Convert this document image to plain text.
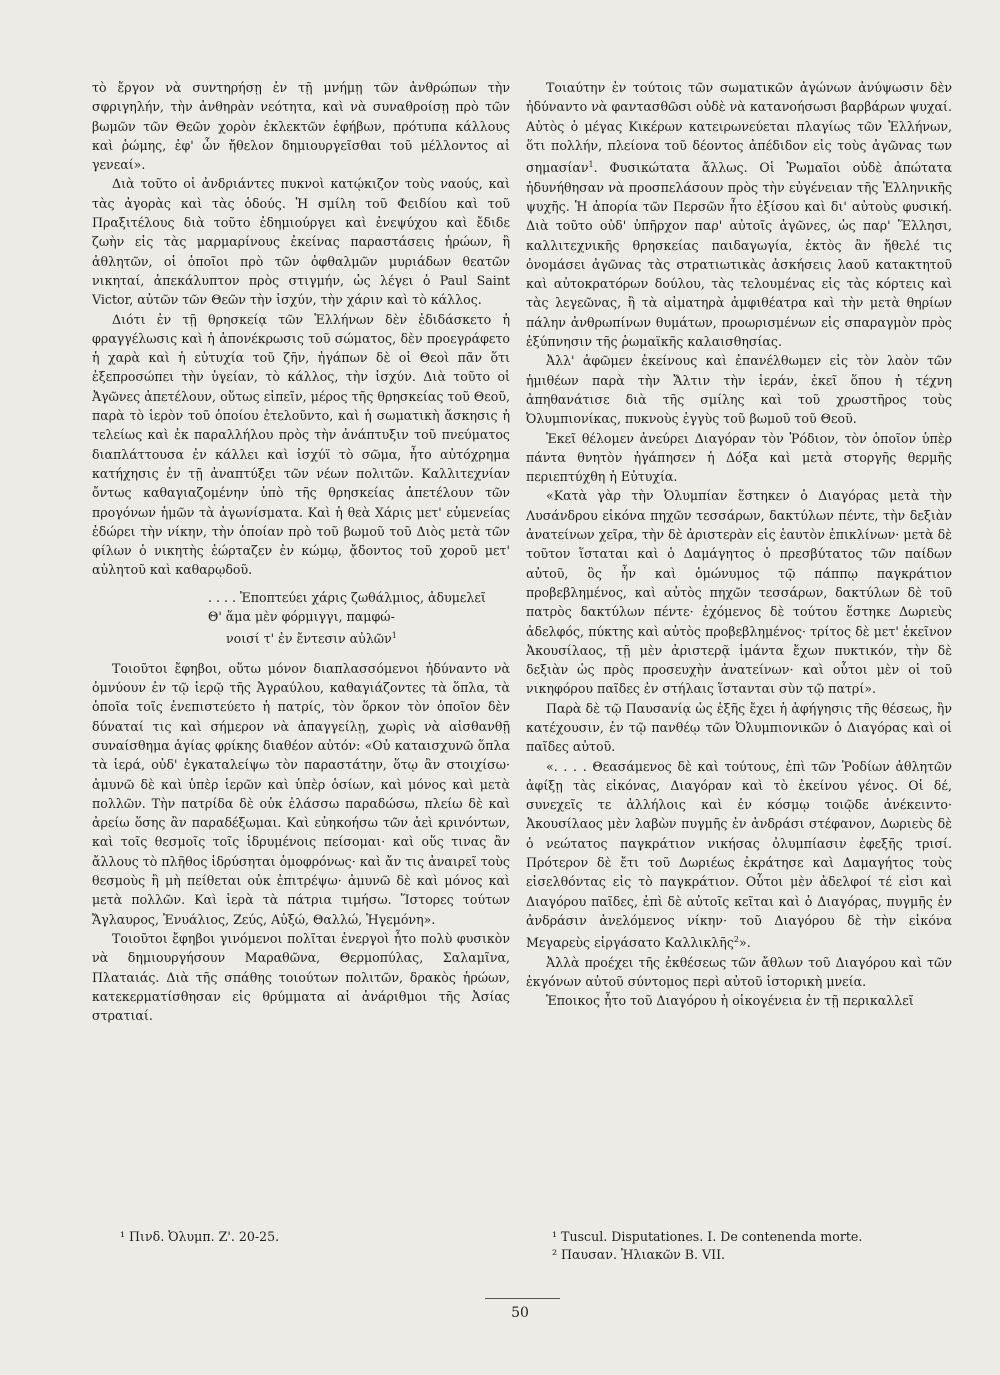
τὸ ἔργον νὰ συντηρήσῃ ἐν τῇ μνήμῃ τῶν ἀνθρώπων τὴν σφριγηλήν, τὴν ἀνθηρὰν νεότητα, καὶ νὰ συναθροίσῃ πρὸ τῶν βωμῶν τῶν Θεῶν χορὸν ἐκλεκτῶν ἐφήβων, πρότυπα κάλλους καὶ ῥώμης, ἐφ' ὧν ἤθελον δημιουργεῖσθαι τοῦ μέλλοντος αἱ γενεαί».

Διὰ τοῦτο οἱ ἀνδριάντες πυκνοὶ κατῴκιζον τοὺς ναούς, καὶ τὰς ἀγορὰς καὶ τὰς ὁδούς. Ἡ σμίλη τοῦ Φειδίου καὶ τοῦ Πραξιτέλους διὰ τοῦτο ἐδημιούργει καὶ ἐνεψύχου καὶ ἔδιδε ζωὴν εἰς τὰς μαρμαρίνους ἐκείνας παραστάσεις ἡρώων, ἢ ἀθλητῶν, οἱ ὁποῖοι πρὸ τῶν ὀφθαλμῶν μυριάδων θεατῶν νικηταί, ἀπεκάλυπτον πρὸς στιγμήν, ὡς λέγει ὁ Paul Saint Victor, αὐτῶν τῶν Θεῶν τὴν ἰσχύν, τὴν χάριν καὶ τὸ κάλλος.

Διότι ἐν τῇ θρησκείᾳ τῶν Ἑλλήνων δὲν ἐδιδάσκετο ἡ φραγγέλωσις καὶ ἡ ἀπονέκρωσις τοῦ σώματος, δὲν προεγράφετο ἡ χαρὰ καὶ ἡ εὐτυχία τοῦ ζῆν, ἠγάπων δὲ οἱ Θεοὶ πᾶν ὅτι ἐξεπροσώπει τὴν ὑγείαν, τὸ κάλλος, τὴν ἰσχύν. Διὰ τοῦτο οἱ Ἀγῶνες ἀπετέλουν, οὕτως εἰπεῖν, μέρος τῆς θρησκείας τοῦ Θεοῦ, παρὰ τὸ ἱερὸν τοῦ ὁποίου ἐτελοῦντο, καὶ ἡ σωματικὴ ἄσκησις ἡ τελείως καὶ ἐκ παραλλήλου πρὸς τὴν ἀνάπτυξιν τοῦ πνεύματος διαπλάττουσα ἐν κάλλει καὶ ἰσχύϊ τὸ σῶμα, ἦτο αὐτόχρημα κατήχησις ἐν τῇ ἀναπτύξει τῶν νέων πολιτῶν. Καλλιτεχνίαν ὄντως καθαγιαζομένην ὑπὸ τῆς θρησκείας ἀπετέλουν τῶν προγόνων ἡμῶν τὰ ἀγωνίσματα. Καὶ ἡ θεὰ Χάρις μετ' εὐμενείας ἐδώρει τὴν νίκην, τὴν ὁποίαν πρὸ τοῦ βωμοῦ τοῦ Διὸς μετὰ τῶν φίλων ὁ νικητὴς ἑώρταζεν ἐν κώμῳ, ᾄδοντος τοῦ χοροῦ μετ' αὐλητοῦ καὶ καθαρῳδοῦ.

. . . . Ἐποπτεύει χάρις ζωθάλμιος, ἀδυμελεῖ
Θ' ἅμα μὲν φόρμιγγι, παμφώ-
νοισί τ' ἐν ἔντεσιν αὐλῶν$^1$

Τοιοῦτοι ἔφηβοι, οὕτω μόνον διαπλασσόμενοι ἠδύναντο νὰ ὀμνύουν ἐν τῷ ἱερῷ τῆς Ἀγραύλου, καθαγιάζοντες τὰ ὅπλα, τὰ ὁποῖα τοῖς ἐνεπιστεύετο ἡ πατρίς, τὸν ὅρκον τὸν ὁποῖον δὲν δύναταί τις καὶ σήμερον νὰ ἀπαγγείλῃ, χωρὶς νὰ αἰσθανθῇ συναίσθημα ἁγίας φρίκης διαθέον αὐτόν: «Οὐ καταισχυνῶ ὅπλα τὰ ἱερά, οὐδ' ἐγκαταλείψω τὸν παραστάτην, ὅτῳ ἂν στοιχίσω· ἀμυνῶ δὲ καὶ ὑπὲρ ἱερῶν καὶ ὑπὲρ ὁσίων, καὶ μόνος καὶ μετὰ πολλῶν. Τὴν πατρίδα δὲ οὐκ ἐλάσσω παραδώσω, πλείω δὲ καὶ ἀρείω ὅσης ἂν παραδέξωμαι. Καὶ εὐηκοήσω τῶν ἀεὶ κρινόντων, καὶ τοῖς θεσμοῖς τοῖς ἱδρυμένοις πείσομαι· καὶ οὕς τινας ἂν ἄλλους τὸ πλῆθος ἱδρύσηται ὁμοφρόνως· καὶ ἄν τις ἀναιρεῖ τοὺς θεσμοὺς ἢ μὴ πείθεται οὐκ ἐπιτρέψω· ἀμυνῶ δὲ καὶ μόνος καὶ μετὰ πολλῶν. Καὶ ἱερὰ τὰ πάτρια τιμήσω. Ἵστορες τούτων Ἄγλαυρος, Ἐνυάλιος, Ζεύς, Αὐξώ, Θαλλώ, Ἡγεμόνη».

Τοιοῦτοι ἔφηβοι γινόμενοι πολῖται ἐνεργοὶ ἦτο πολὺ φυσικὸν νὰ δημιουργήσουν Μαραθῶνα, Θερμοπύλας, Σαλαμῖνα, Πλαταιάς. Διὰ τῆς σπάθης τοιούτων πολιτῶν, δρακὸς ἡρώων, κατεκερματίσθησαν εἰς θρύμματα αἱ ἀνάριθμοι τῆς Ἀσίας στρατιαί.

Τοιαύτην ἐν τούτοις τῶν σωματικῶν ἀγώνων ἀνύψωσιν δὲν ἠδύναντο νὰ φαντασθῶσι οὐδὲ νὰ κατανοήσωσι βαρβάρων ψυχαί. Αὐτὸς ὁ μέγας Κικέρων κατειρωνεύεται πλαγίως τῶν Ἑλλήνων, ὅτι πολλήν, πλείονα τοῦ δέοντος ἀπέδιδον εἰς τοὺς ἀγῶνας των σημασίαν$^1$. Φυσικώτατα ἄλλως. Οἱ Ῥωμαῖοι οὐδὲ ἀπώτατα ἠδυνήθησαν νὰ προσπελάσουν πρὸς τὴν εὐγένειαν τῆς Ἑλληνικῆς ψυχῆς. Ἡ ἀπορία τῶν Περσῶν ἦτο ἐξίσου καὶ δι' αὐτοὺς φυσική. Διὰ τοῦτο οὐδ' ὑπῆρχον παρ' αὐτοῖς ἀγῶνες, ὡς παρ' Ἕλλησι, καλλιτεχνικῆς θρησκείας παιδαγωγία, ἐκτὸς ἂν ἤθελέ τις ὀνομάσει ἀγῶνας τὰς στρατιωτικὰς ἀσκήσεις λαοῦ κατακτητοῦ καὶ αὐτοκρατόρων δούλου, τὰς τελουμένας εἰς τὰς κόρτεις καὶ τὰς λεγεῶνας, ἢ τὰ αἱματηρὰ ἀμφιθέατρα καὶ τὴν μετὰ θηρίων πάλην ἀνθρωπίνων θυμάτων, προωρισμένων εἰς σπαραγμὸν πρὸς ἐξύπνησιν τῆς ῥωμαϊκῆς καλαισθησίας.

Ἀλλ' ἀφῶμεν ἐκείνους καὶ ἐπανέλθωμεν εἰς τὸν λαὸν τῶν ἡμιθέων παρὰ τὴν Ἄλτιν τὴν ἱεράν, ἐκεῖ ὅπου ἡ τέχνη ἀπηθανάτισε διὰ τῆς σμίλης καὶ τοῦ χρωστῆρος τοὺς Ὀλυμπιονίκας, πυκνοὺς ἐγγὺς τοῦ βωμοῦ τοῦ Θεοῦ.

Ἐκεῖ θέλομεν ἀνεύρει Διαγόραν τὸν Ῥόδιον, τὸν ὁποῖον ὑπὲρ πάντα θνητὸν ἠγάπησεν ἡ Δόξα καὶ μετὰ στοργῆς θερμῆς περιεπτύχθη ἡ Εὐτυχία.

«Κατὰ γὰρ τὴν Ὀλυμπίαν ἕστηκεν ὁ Διαγόρας μετὰ τὴν Λυσάνδρου εἰκόνα πηχῶν τεσσάρων, δακτύλων πέντε, τὴν δεξιὰν ἀνατείνων χεῖρα, τὴν δὲ ἀριστερὰν εἰς ἑαυτὸν ἐπικλίνων· μετὰ δὲ τοῦτον ἵσταται καὶ ὁ Δαμάγητος ὁ πρεσβύτατος τῶν παίδων αὐτοῦ, ὃς ἦν καὶ ὁμώνυμος τῷ πάππῳ παγκράτιον προβεβλημένος, καὶ αὐτὸς πηχῶν τεσσάρων, δακτύλων δὲ τοῦ πατρὸς δακτύλων πέντε· ἐχόμενος δὲ τούτου ἕστηκε Δωριεὺς ἀδελφός, πύκτης καὶ αὐτὸς προβεβλημένος· τρίτος δὲ μετ' ἐκεῖνον Ἀκουσίλαος, τῇ μὲν ἀριστερᾷ ἱμάντα ἔχων πυκτικόν, τὴν δὲ δεξιὰν ὡς πρὸς προσευχὴν ἀνατείνων· καὶ οὗτοι μὲν οἱ τοῦ νικηφόρου παῖδες ἐν στήλαις ἵστανται σὺν τῷ πατρί».

Παρὰ δὲ τῷ Παυσανίᾳ ὡς ἑξῆς ἔχει ἡ ἀφήγησις τῆς θέσεως, ἣν κατέχουσιν, ἐν τῷ πανθέῳ τῶν Ὀλυμπιονικῶν ὁ Διαγόρας καὶ οἱ παῖδες αὐτοῦ.

«. . . . Θεασάμενος δὲ καὶ τούτους, ἐπὶ τῶν Ῥοδίων ἀθλητῶν ἀφίξῃ τὰς εἰκόνας, Διαγόραν καὶ τὸ ἐκείνου γένος. Οἱ δέ, συνεχεῖς τε ἀλλήλοις καὶ ἐν κόσμῳ τοιῷδε ἀνέκειντο· Ἀκουσίλαος μὲν λαβὼν πυγμῆς ἐν ἀνδράσι στέφανον, Δωριεὺς δὲ ὁ νεώτατος παγκράτιον νικήσας ὀλυμπίασιν ἐφεξῆς τρισί. Πρότερον δὲ ἔτι τοῦ Δωριέως ἐκράτησε καὶ Δαμαγήτος τοὺς εἰσελθόντας εἰς τὸ παγκράτιον. Οὗτοι μὲν ἀδελφοί τέ εἰσι καὶ Διαγόρου παῖδες, ἐπὶ δὲ αὐτοῖς κεῖται καὶ ὁ Διαγόρας, πυγμῆς ἐν ἀνδράσιν ἀνελόμενος νίκην· τοῦ Διαγόρου δὲ τὴν εἰκόνα Μεγαρεὺς εἰργάσατο Καλλικλῆς$^2$».

Ἀλλὰ προέχει τῆς ἐκθέσεως τῶν ἄθλων τοῦ Διαγόρου καὶ τῶν ἐκγόνων αὐτοῦ σύντομος περὶ αὐτοῦ ἱστορικὴ μνεία.

Ἐποικος ἦτο τοῦ Διαγόρου ἡ οἰκογένεια ἐν τῇ περικαλλεῖ

¹ Πινδ. Ὀλυμπ. Ζ'. 20-25.	¹ Tuscul. Disputationes. I. De contenenda morte.
² Παυσαν. Ἠλιακῶν Β. VII.
50
